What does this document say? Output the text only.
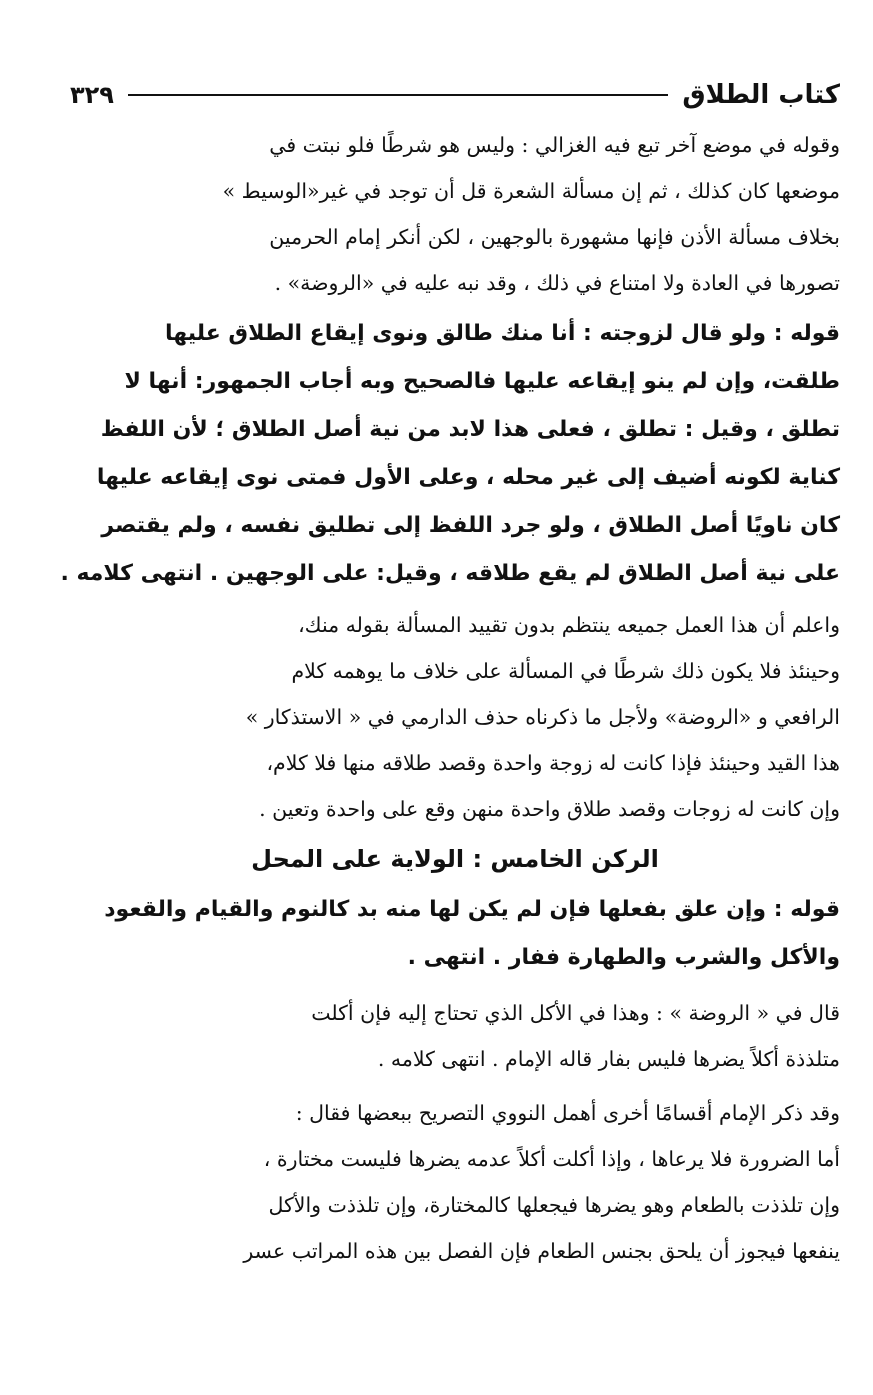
كتاب الطلاق
٣٢٩

وقوله في موضع آخر تبع فيه الغزالي : وليس هو شرطًا فلو نبتت في
موضعها كان كذلك ، ثم إن مسألة الشعرة قل أن توجد في غير«الوسيط »
بخلاف مسألة الأذن فإنها مشهورة بالوجهين ، لكن أنكر إمام الحرمين
تصورها في العادة ولا امتناع في ذلك ، وقد نبه عليه في «الروضة» .

قوله : ولو قال لزوجته : أنا منك طالق ونوى إيقاع الطلاق عليها
طلقت، وإن لم ينو إيقاعه عليها فالصحيح وبه أجاب الجمهور: أنها لا
تطلق ، وقيل : تطلق ، فعلى هذا لابد من نية أصل الطلاق ؛ لأن اللفظ
كناية لكونه أضيف إلى غير محله ، وعلى الأول فمتى نوى إيقاعه عليها
كان ناويًا أصل الطلاق ، ولو جرد اللفظ إلى تطليق نفسه ، ولم يقتصر
على نية أصل الطلاق لم يقع طلاقه ، وقيل: على الوجهين . انتهى كلامه .

واعلم أن هذا العمل جميعه ينتظم بدون تقييد المسألة بقوله منك،
وحينئذ فلا يكون ذلك شرطًا في المسألة على خلاف ما يوهمه كلام
الرافعي و «الروضة» ولأجل ما ذكرناه حذف الدارمي في « الاستذكار »
هذا القيد وحينئذ فإذا كانت له زوجة واحدة وقصد طلاقه منها فلا كلام،
وإن كانت له زوجات وقصد طلاق واحدة منهن وقع على واحدة وتعين .

الركن الخامس : الولاية على المحل

قوله : وإن علق بفعلها فإن لم يكن لها منه بد كالنوم والقيام والقعود
والأكل والشرب والطهارة ففار . انتهى .

قال في « الروضة » : وهذا في الأكل الذي تحتاج إليه فإن أكلت
متلذذة أكلاً يضرها فليس بفار قاله الإمام . انتهى كلامه .

وقد ذكر الإمام أقسامًا أخرى أهمل النووي التصريح ببعضها فقال :
أما الضرورة فلا يرعاها ، وإذا أكلت أكلاً عدمه يضرها فليست مختارة ،
وإن تلذذت بالطعام وهو يضرها فيجعلها كالمختارة، وإن تلذذت والأكل
ينفعها فيجوز أن يلحق بجنس الطعام فإن الفصل بين هذه المراتب عسر
